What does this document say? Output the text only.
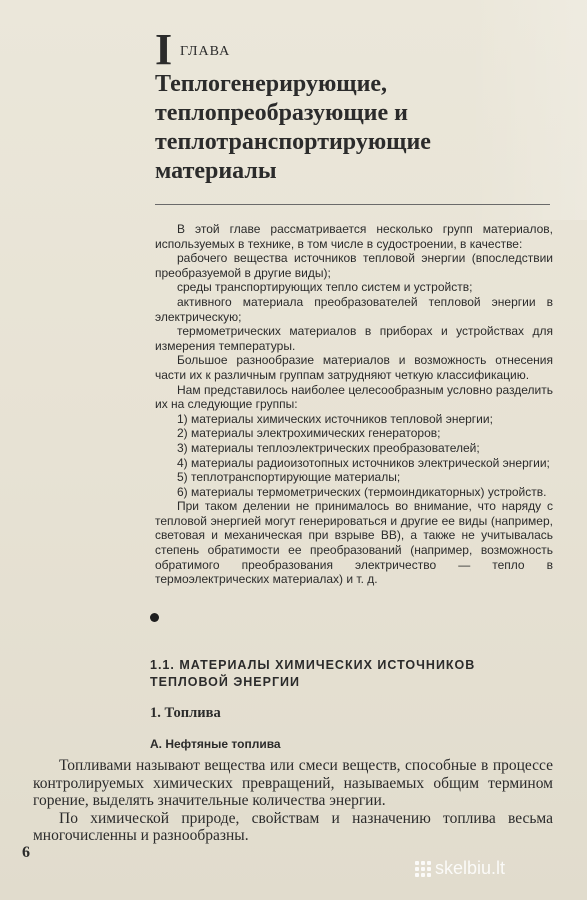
I ГЛАВА
Теплогенерирующие,
теплопреобразующие и
теплотранспортирующие
материалы

В этой главе рассматривается несколько групп материалов, используемых в технике, в том числе в судостроении, в качестве:

рабочего вещества источников тепловой энергии (впоследствии преобразуемой в другие виды);

среды транспортирующих тепло систем и устройств;

активного материала преобразователей тепловой энергии в электрическую;

термометрических материалов в приборах и устройствах для измерения температуры.

Большое разнообразие материалов и возможность отнесения части их к различным группам затрудняют четкую классификацию.

Нам представилось наиболее целесообразным условно разделить их на следующие группы:

1) материалы химических источников тепловой энергии;

2) материалы электрохимических генераторов;

3) материалы теплоэлектрических преобразователей;

4) материалы радиоизотопных источников электрической энергии;

5) теплотранспортирующие материалы;

6) материалы термометрических (термоиндикаторных) устройств.

При таком делении не принималось во внимание, что наряду с тепловой энергией могут генерироваться и другие ее виды (например, световая и механическая при взрыве ВВ), а также не учитывалась степень обратимости ее преобразований (например, возможность обратимого преобразования электричество — тепло в термоэлектрических материалах) и т. д.

1.1. МАТЕРИАЛЫ ХИМИЧЕСКИХ ИСТОЧНИКОВ
ТЕПЛОВОЙ ЭНЕРГИИ
1. Топлива
А. Нефтяные топлива

Топливами называют вещества или смеси веществ, способные в процессе контролируемых химических превращений, называемых общим термином горение, выделять значительные количества энергии.

По химической природе, свойствам и назначению топлива весьма многочисленны и разнообразны.

6
skelbiu.lt
